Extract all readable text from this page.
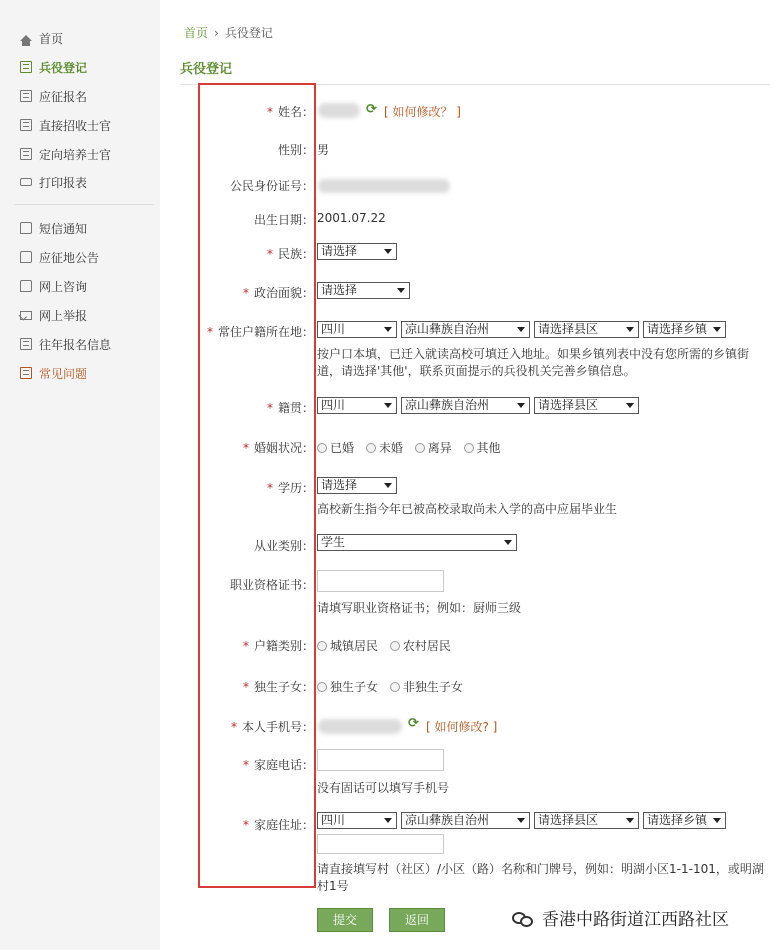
首页
兵役登记
应征报名
直接招收士官
定向培养士官
打印报表
短信通知
应征地公告
网上咨询
网上举报
往年报名信息
常见问题
首页 › 兵役登记
兵役登记
* 姓名：	⟳ [ 如何修改？ ]
性别： 男
公民身份证号：
出生日期： 2001.07.22
* 民族： 请选择
* 政治面貌： 请选择
* 常住户籍所在地： 四川	凉山彝族自治州	请选择县区	请选择乡镇
按户口本填，已迁入就读高校可填迁入地址。如果乡镇列表中没有您所需的乡镇街
道，请选择'其他'，联系页面提示的兵役机关完善乡镇信息。
* 籍贯： 四川	凉山彝族自治州	请选择县区
* 婚姻状况：	已婚 未婚 离异 其他
* 学历： 请选择
高校新生指今年已被高校录取尚未入学的高中应届毕业生
从业类别： 学生
职业资格证书：
请填写职业资格证书；例如：厨师三级
* 户籍类别：	城镇居民 农村居民
* 独生子女：	独生子女 非独生子女
* 本人手机号：	⟳ [ 如何修改? ]
* 家庭电话：
没有固话可以填写手机号
* 家庭住址： 四川	凉山彝族自治州	请选择县区	请选择乡镇
请直接填写村（社区）/小区（路）名称和门牌号，例如：明湖小区1-1-101，或明湖
村1号
提交	返回	香港中路街道江西路社区
